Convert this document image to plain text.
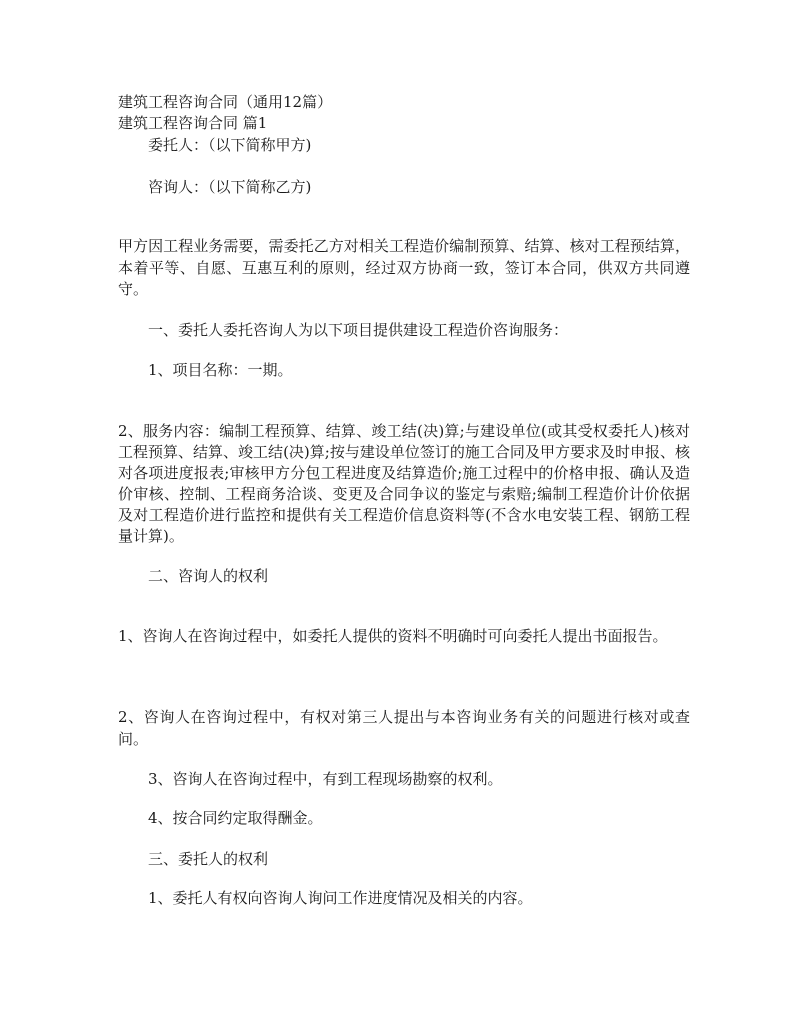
建筑工程咨询合同（通用12篇）

建筑工程咨询合同 篇1

委托人：（以下简称甲方)

咨询人：（以下简称乙方)

甲方因工程业务需要，需委托乙方对相关工程造价编制预算、结算、核对工程预结算，本着平等、自愿、互惠互利的原则，经过双方协商一致，签订本合同，供双方共同遵守。

一、委托人委托咨询人为以下项目提供建设工程造价咨询服务：

1、项目名称：一期。

2、服务内容：编制工程预算、结算、竣工结(决)算;与建设单位(或其受权委托人)核对工程预算、结算、竣工结(决)算;按与建设单位签订的施工合同及甲方要求及时申报、核对各项进度报表;审核甲方分包工程进度及结算造价;施工过程中的价格申报、确认及造价审核、控制、工程商务洽谈、变更及合同争议的鉴定与索赔;编制工程造价计价依据及对工程造价进行监控和提供有关工程造价信息资料等(不含水电安装工程、钢筋工程量计算)。

二、咨询人的权利

1、咨询人在咨询过程中，如委托人提供的资料不明确时可向委托人提出书面报告。

2、咨询人在咨询过程中，有权对第三人提出与本咨询业务有关的问题进行核对或查问。

3、咨询人在咨询过程中，有到工程现场勘察的权利。

4、按合同约定取得酬金。

三、委托人的权利

1、委托人有权向咨询人询问工作进度情况及相关的内容。
